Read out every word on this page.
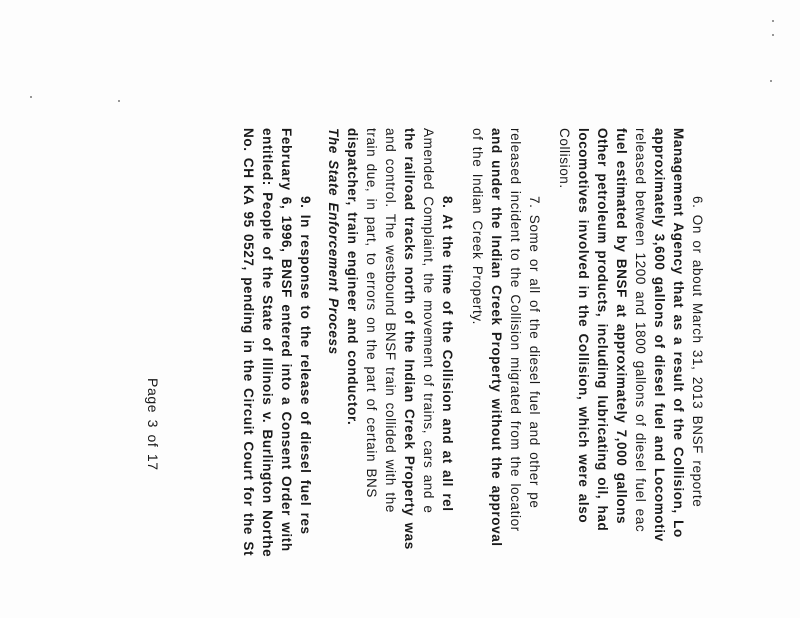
6. On or about March 31, 2013 BNSF reporte
Management Agency that as a result of the Collision, Lo
approximately 3,600 gallons of diesel fuel and Locomotiv
released between 1200 and 1800 gallons of diesel fuel eac
fuel estimated by BNSF at approximately 7,000 gallons
Other petroleum products, including lubricating oil, had
locomotives involved in the Collision, which were also
Collision.
7. Some or all of the diesel fuel and other pe
released incident to the Collision migrated from the locatior
and under the Indian Creek Property without the approval
of the Indian Creek Property.
8. At the time of the Collision and at all rel
Amended Complaint, the movement of trains, cars and e
the railroad tracks north of the Indian Creek Property was
and control. The westbound BNSF train collided with the
train due, in part, to errors on the part of certain BNS
dispatcher, train engineer and conductor.
The State Enforcement Process
9. In response to the release of diesel fuel res
February 6, 1996, BNSF entered into a Consent Order with
entitled: People of the State of Illinois v. Burlington Northe
No. CH KA 95 0527, pending in the Circuit Court for the St
Page 3 of 17
